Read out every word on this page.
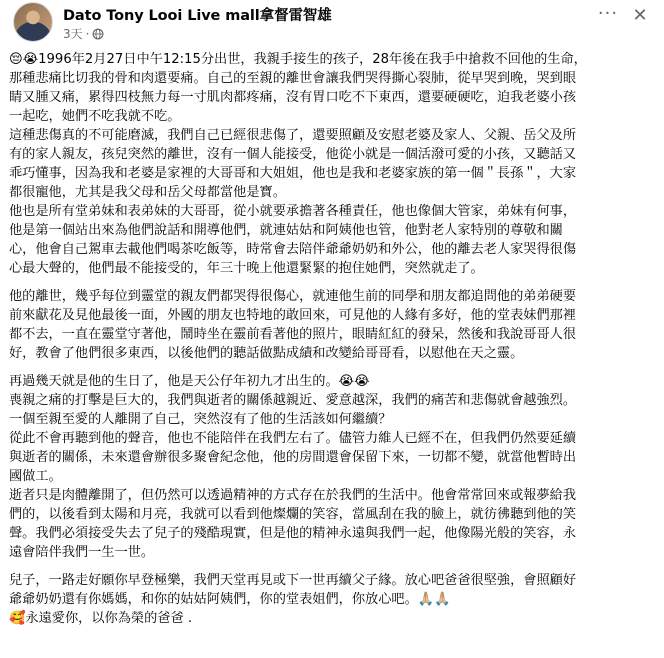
Dato Tony Looi Live mall拿督雷智雄
3天 ·
··· ✕

😔😭1996年2月27日中午12:15分出世，我親手接生的孩子，28年後在我手中搶救不回他的生命，
那種悲痛比切我的骨和肉還要痛。自己的至親的離世會讓我們哭得撕心裂肺，從早哭到晚，哭到眼
睛又腫又痛，累得四枝無力每一寸肌肉都疼痛，沒有胃口吃不下東西，還要硬硬吃，迫我老婆小孩
一起吃，她們不吃我就不吃。
這種悲傷真的不可能磨滅，我們自己已經很悲傷了，還要照顧及安慰老婆及家人、父親、岳父及所
有的家人親友，孩兒突然的離世，沒有一個人能接受，他從小就是一個活潑可愛的小孩，又聽話又
乖巧懂事，因為我和老婆是家裡的大哥哥和大姐姐，他也是我和老婆家族的第一個＂長孫＂，大家
都很寵他，尤其是我父母和岳父母都當他是寶。
他也是所有堂弟妹和表弟妹的大哥哥，從小就要承擔著各種責任，他也像個大管家，弟妹有何事，
他是第一個站出來為他們說話和開導他們，就連姑姑和阿姨他也管，他對老人家特別的尊敬和關
心，他會自己駕車去載他們喝茶吃飯等，時常會去陪伴爺爺奶奶和外公，他的離去老人家哭得很傷
心最大聲的，他們最不能接受的，年三十晚上他還緊緊的抱住她們，突然就走了。

他的離世，幾乎每位到靈堂的親友們都哭得很傷心，就連他生前的同學和朋友都追問他的弟弟硬要
前來獻花及見他最後一面，外國的朋友也特地的敢回來，可見他的人緣有多好，他的堂表妹們那裡
都不去，一直在靈堂守著他，鬧時坐在靈前看著他的照片，眼睛紅紅的發呆，然後和我說哥哥人很
好，教會了他們很多東西，以後他們的聽話做點成績和改變給哥哥看，以慰他在天之靈。

再過幾天就是他的生日了，他是天公仔年初九才出生的。😭😭
喪親之痛的打擊是巨大的，我們與逝者的關係越親近、愛意越深，我們的痛苦和悲傷就會越強烈。
一個至親至愛的人離開了自己，突然沒有了他的生活該如何繼續？
從此不會再聽到他的聲音，他也不能陪伴在我們左右了。儘管力維人已經不在，但我們仍然要延續
與逝者的關係，未來還會辦很多聚會紀念他，他的房間還會保留下來，一切都不變，就當他暫時出
國做工。
逝者只是肉體離開了，但仍然可以透過精神的方式存在於我們的生活中。他會常常回來或報夢給我
們的，以後看到太陽和月亮，我就可以看到他燦爛的笑容，當風刮在我的臉上，就彷彿聽到他的笑
聲。我們必須接受失去了兒子的殘酷現實，但是他的精神永遠與我們一起，他像陽光般的笑容，永
遠會陪伴我們一生一世。

兒子，一路走好願你早登極樂，我們天堂再見或下一世再續父子緣。放心吧爸爸很堅強，會照顧好
爺爺奶奶還有你媽媽，和你的姑姑阿姨們，你的堂表姐們，你放心吧。🙏🏼🙏🏼
🥰永遠愛你，以你為榮的爸爸 .
